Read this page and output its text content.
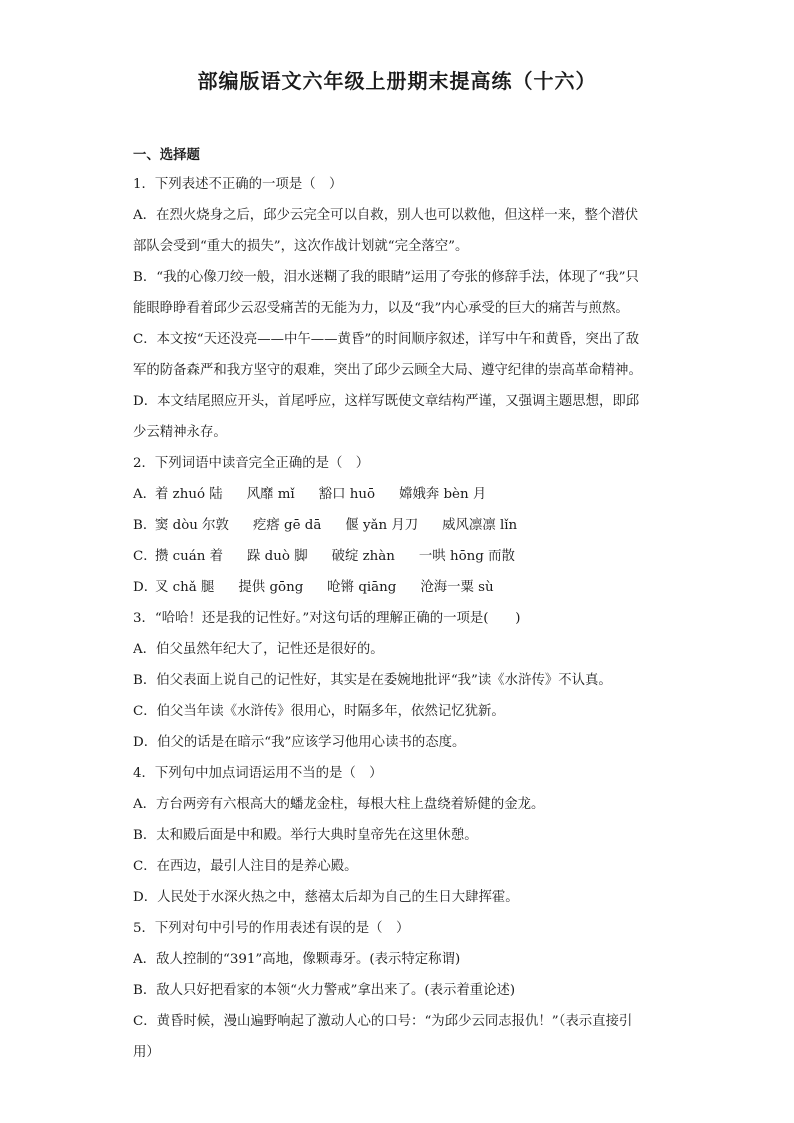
部编版语文六年级上册期末提高练（十六）
一、选择题
1．下列表述不正确的一项是（　）
A．在烈火烧身之后，邱少云完全可以自救，别人也可以救他，但这样一来，整个潜伏
部队会受到“重大的损失”，这次作战计划就“完全落空”。
B．“我的心像刀绞一般，泪水迷糊了我的眼睛”运用了夸张的修辞手法，体现了“我”只
能眼睁睁看着邱少云忍受痛苦的无能为力，以及“我”内心承受的巨大的痛苦与煎熬。
C．本文按“天还没亮——中午——黄昏”的时间顺序叙述，详写中午和黄昏，突出了敌
军的防备森严和我方坚守的艰难，突出了邱少云顾全大局、遵守纪律的崇高革命精神。
D．本文结尾照应开头，首尾呼应，这样写既使文章结构严谨，又强调主题思想，即邱
少云精神永存。
2．下列词语中读音完全正确的是（　）
A．着 zhuó 陆 风靡 mǐ 豁口 huō 嫦娥奔 bèn 月
B．窦 dòu 尔敦 疙瘩 gē dā 偃 yǎn 月刀 威风凛凛 lǐn
C．攒 cuán 着 跺 duò 脚 破绽 zhàn 一哄 hōng 而散
D．叉 chǎ 腿 提供 gōng 呛锵 qiāng 沧海一粟 sù
3．“哈哈！还是我的记性好。”对这句话的理解正确的一项是(　　)
A．伯父虽然年纪大了，记性还是很好的。
B．伯父表面上说自己的记性好，其实是在委婉地批评“我”读《水浒传》不认真。
C．伯父当年读《水浒传》很用心，时隔多年，依然记忆犹新。
D．伯父的话是在暗示“我”应该学习他用心读书的态度。
4．下列句中加点词语运用不当的是（　）
A．方台两旁有六根高大的蟠龙金柱，每根大柱上盘绕着矫健的金龙。
B．太和殿后面是中和殿。举行大典时皇帝先在这里休憩。
C．在西边，最引人注目的是养心殿。
D．人民处于水深火热之中，慈禧太后却为自己的生日大肆挥霍。
5．下列对句中引号的作用表述有误的是（　）
A．敌人控制的“391”高地，像颗毒牙。(表示特定称谓)
B．敌人只好把看家的本领“火力警戒”拿出来了。(表示着重论述)
C．黄昏时候，漫山遍野响起了激动人心的口号：“为邱少云同志报仇！”（表示直接引
用）
